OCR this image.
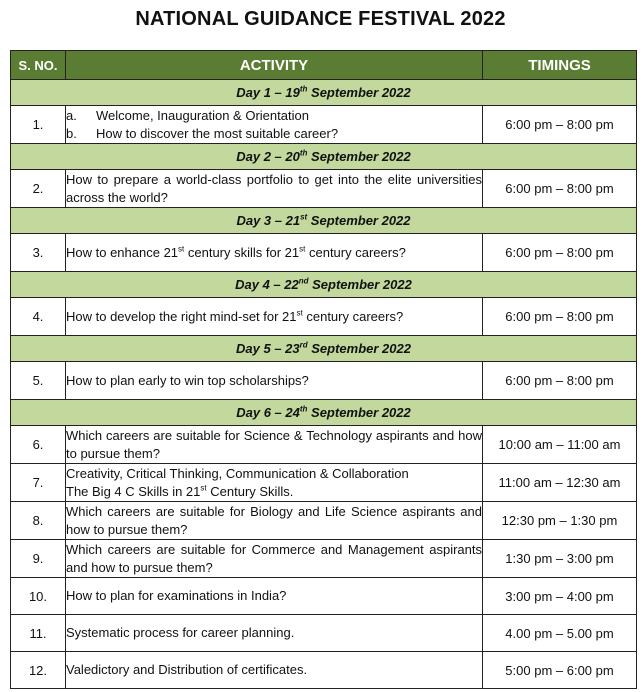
NATIONAL GUIDANCE FESTIVAL 2022
S. NO.	ACTIVITY	TIMINGS
Day 1 – 19th September 2022		
1.	a. Welcome, Inauguration & Orientation
b. How to discover the most suitable career?	6:00 pm – 8:00 pm
Day 2 – 20th September 2022		
2.	How to prepare a world-class portfolio to get into the elite universities across the world?	6:00 pm – 8:00 pm
Day 3 – 21st September 2022		
3.	How to enhance 21st century skills for 21st century careers?	6:00 pm – 8:00 pm
Day 4 – 22nd September 2022		
4.	How to develop the right mind-set for 21st century careers?	6:00 pm – 8:00 pm
Day 5 – 23rd September 2022		
5.	How to plan early to win top scholarships?	6:00 pm – 8:00 pm
Day 6 – 24th September 2022		
6.	Which careers are suitable for Science & Technology aspirants and how to pursue them?	10:00 am – 11:00 am
7.	Creativity, Critical Thinking, Communication & Collaboration
The Big 4 C Skills in 21st Century Skills.	11:00 am – 12:30 am
8.	Which careers are suitable for Biology and Life Science aspirants and how to pursue them?	12:30 pm – 1:30 pm
9.	Which careers are suitable for Commerce and Management aspirants and how to pursue them?	1:30 pm – 3:00 pm
10.	How to plan for examinations in India?	3:00 pm – 4:00 pm
11.	Systematic process for career planning.	4.00 pm – 5.00 pm
12.	Valedictory and Distribution of certificates.	5:00 pm – 6:00 pm
